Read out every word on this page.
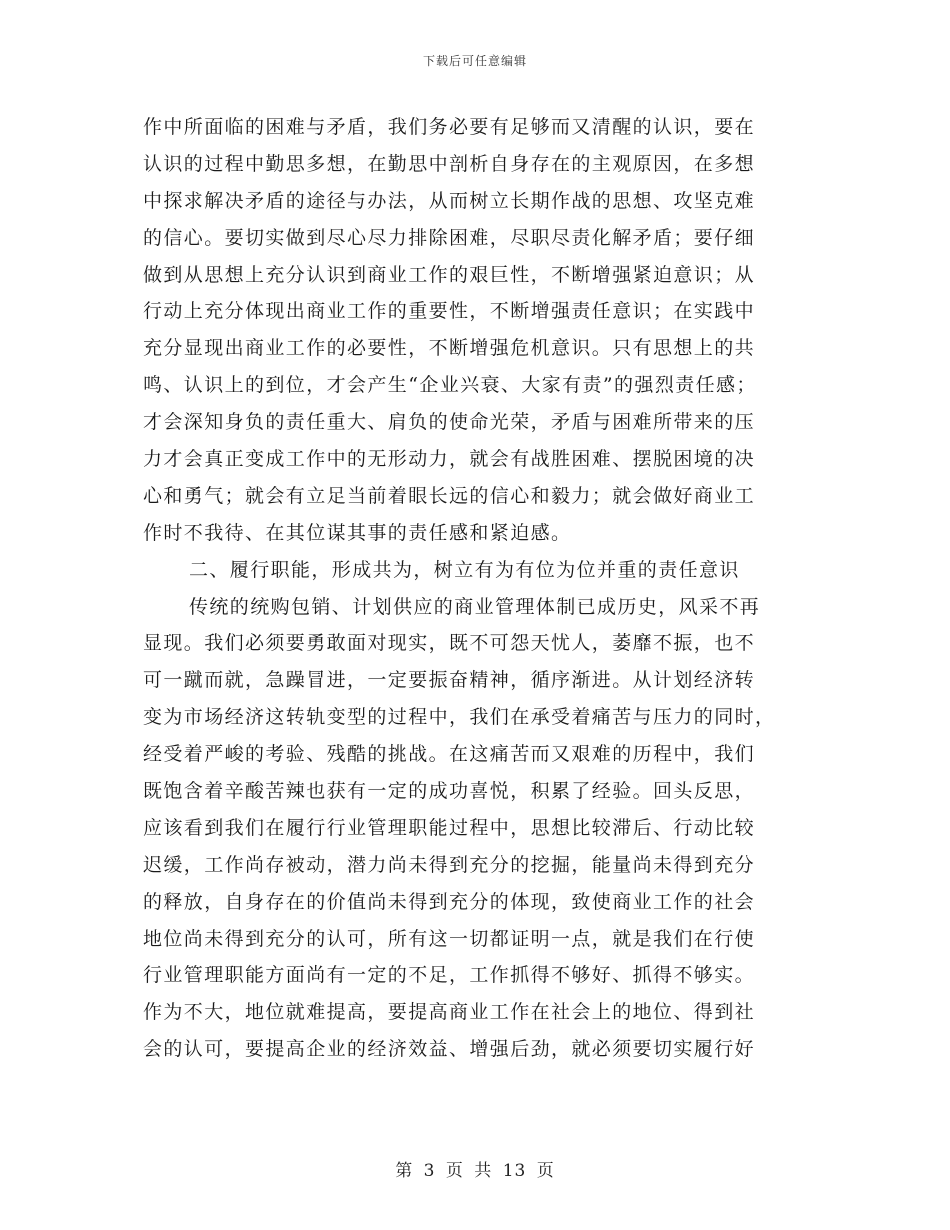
下载后可任意编辑
作中所面临的困难与矛盾，我们务必要有足够而又清醒的认识，要在
认识的过程中勤思多想，在勤思中剖析自身存在的主观原因，在多想
中探求解决矛盾的途径与办法，从而树立长期作战的思想、攻坚克难
的信心。要切实做到尽心尽力排除困难，尽职尽责化解矛盾；要仔细
做到从思想上充分认识到商业工作的艰巨性，不断增强紧迫意识；从
行动上充分体现出商业工作的重要性，不断增强责任意识；在实践中
充分显现出商业工作的必要性，不断增强危机意识。只有思想上的共
鸣、认识上的到位，才会产生“企业兴衰、大家有责”的强烈责任感；
才会深知身负的责任重大、肩负的使命光荣，矛盾与困难所带来的压
力才会真正变成工作中的无形动力，就会有战胜困难、摆脱困境的决
心和勇气；就会有立足当前着眼长远的信心和毅力；就会做好商业工
作时不我待、在其位谋其事的责任感和紧迫感。
二、履行职能，形成共为，树立有为有位为位并重的责任意识
传统的统购包销、计划供应的商业管理体制已成历史，风采不再
显现。我们必须要勇敢面对现实，既不可怨天忧人，萎靡不振，也不
可一蹴而就，急躁冒进，一定要振奋精神，循序渐进。从计划经济转
变为市场经济这转轨变型的过程中，我们在承受着痛苦与压力的同时，
经受着严峻的考验、残酷的挑战。在这痛苦而又艰难的历程中，我们
既饱含着辛酸苦辣也获有一定的成功喜悦，积累了经验。回头反思，
应该看到我们在履行行业管理职能过程中，思想比较滞后、行动比较
迟缓，工作尚存被动，潜力尚未得到充分的挖掘，能量尚未得到充分
的释放，自身存在的价值尚未得到充分的体现，致使商业工作的社会
地位尚未得到充分的认可，所有这一切都证明一点，就是我们在行使
行业管理职能方面尚有一定的不足，工作抓得不够好、抓得不够实。
作为不大，地位就难提高，要提高商业工作在社会上的地位、得到社
会的认可，要提高企业的经济效益、增强后劲，就必须要切实履行好
第 3 页 共 13 页
